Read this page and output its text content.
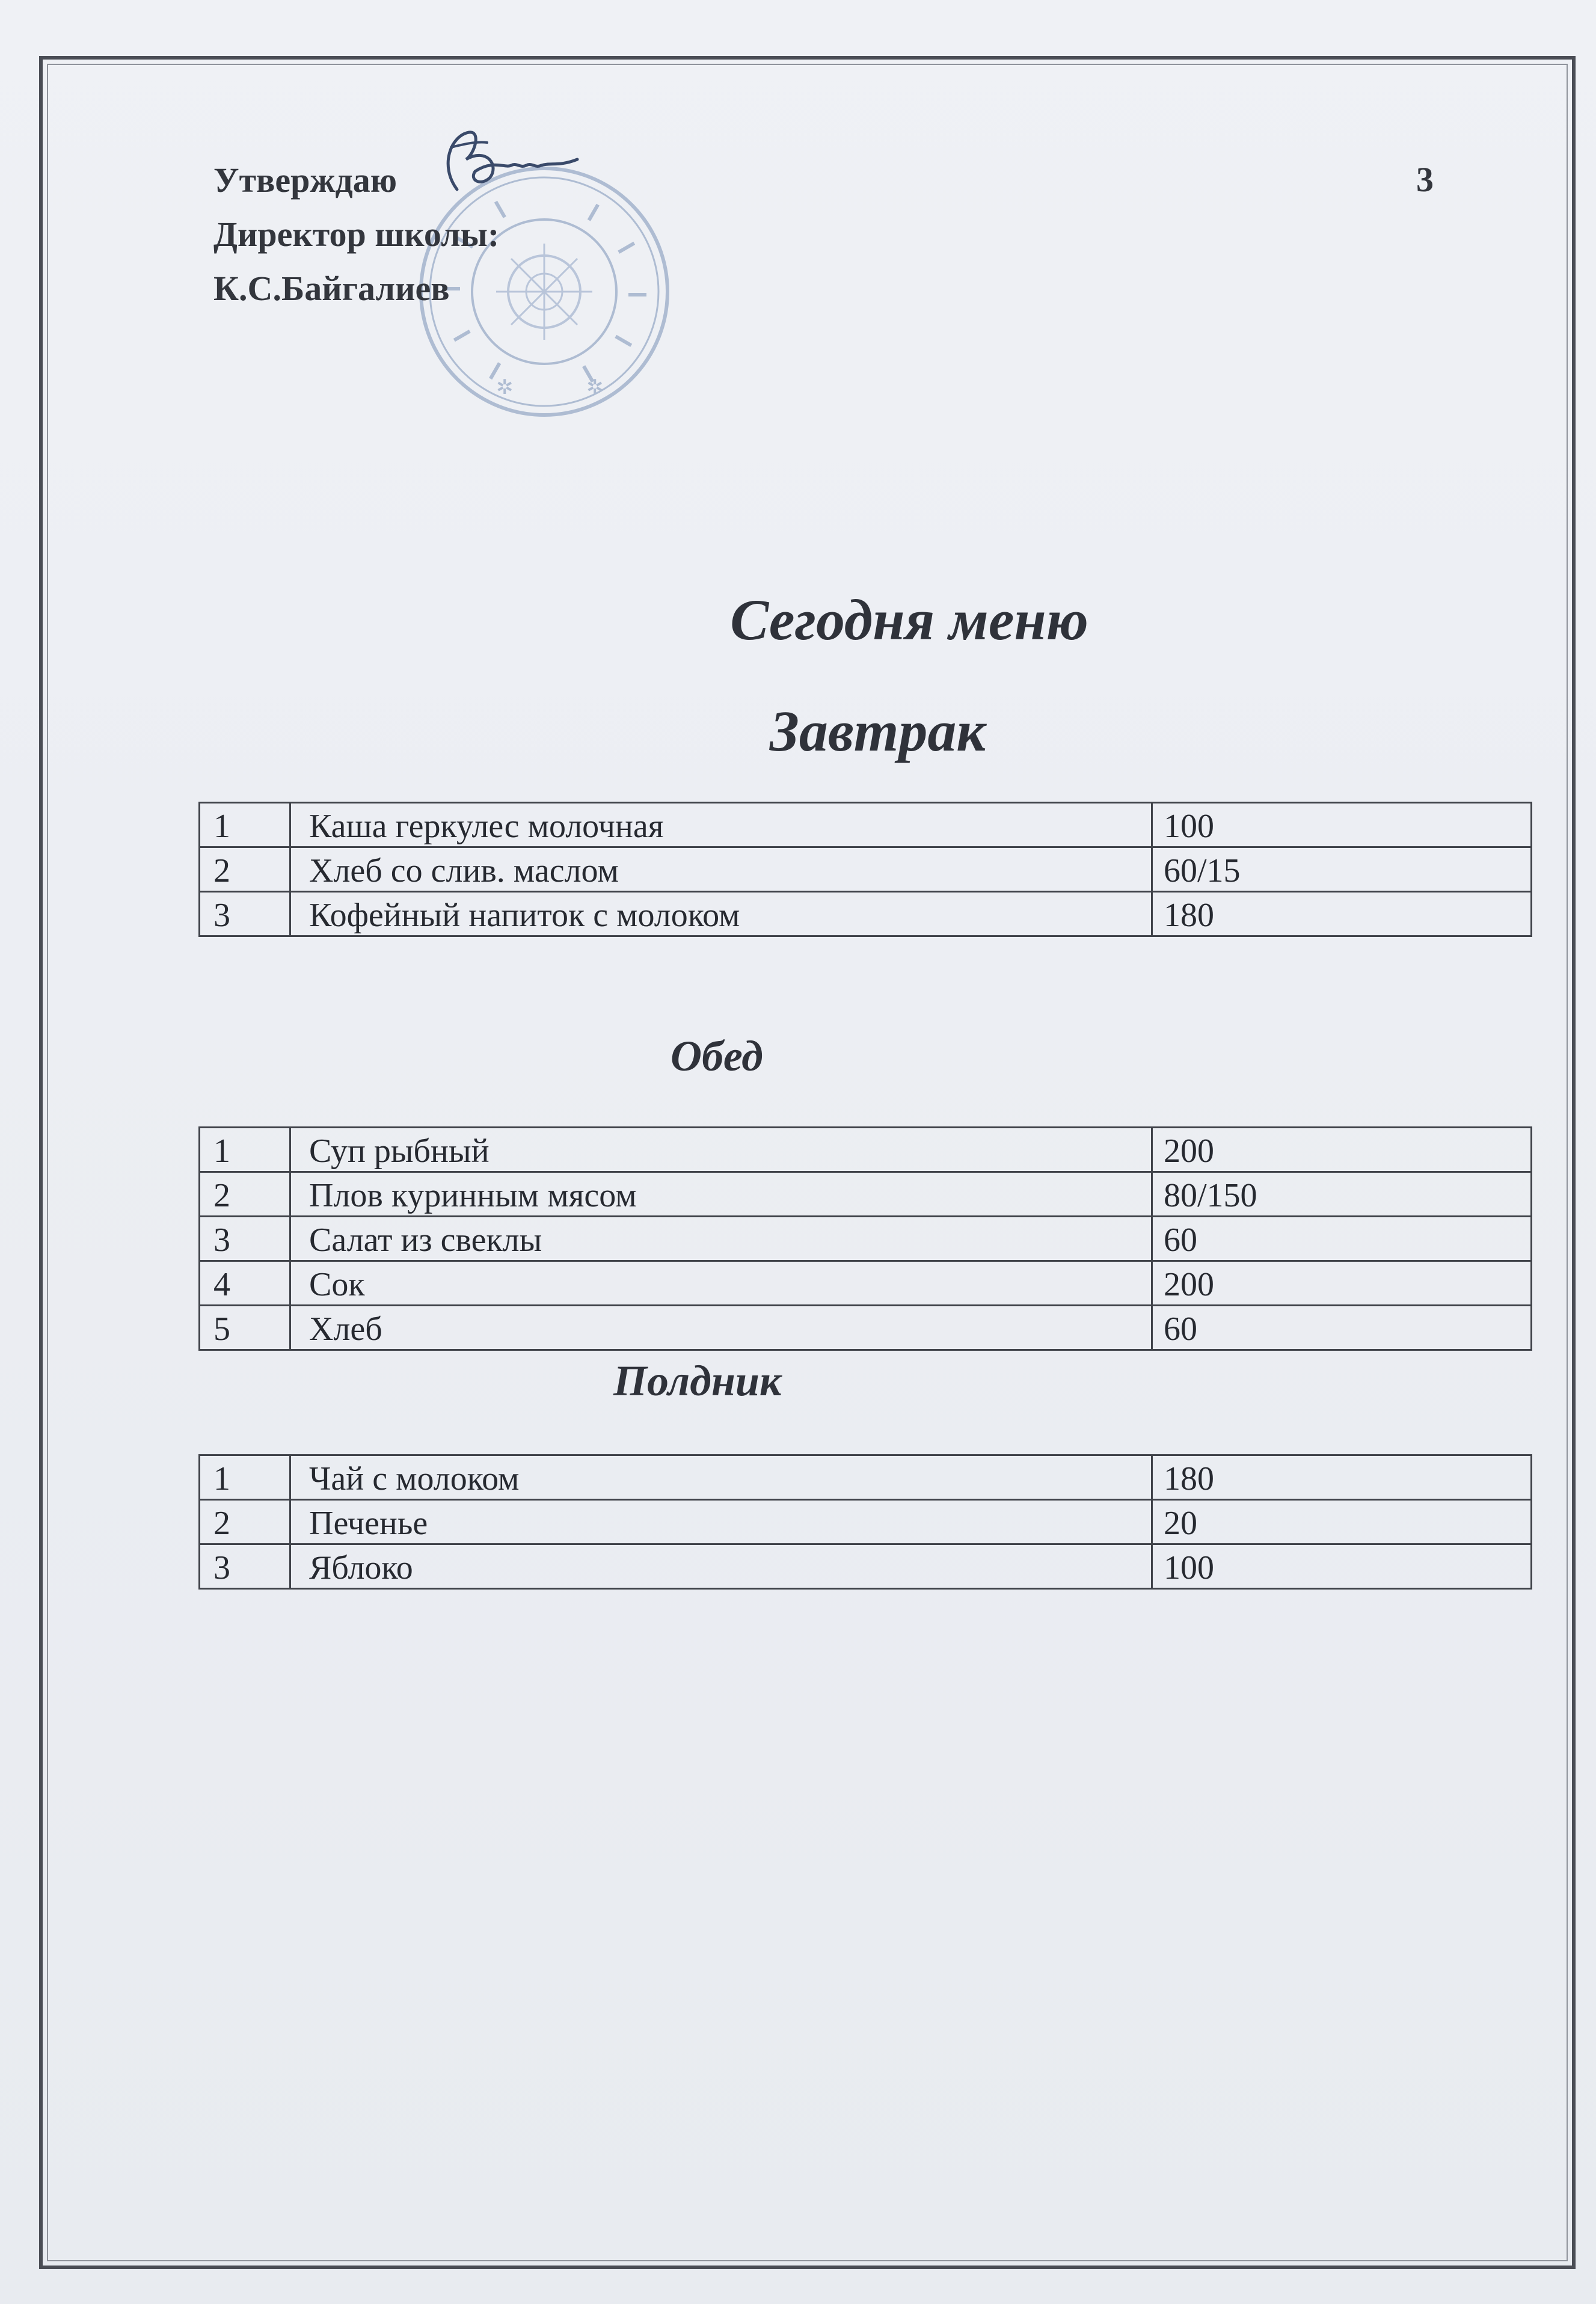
✲	✲
Утверждаю
Директор школы:
К.С.Байгалиев
3
Сегодня меню
Завтрак
1	Каша геркулес молочная	100
2	Хлеб со слив. маслом	60/15
3	Кофейный напиток с молоком	180
Обед
1	Суп рыбный	200
2	Плов куринным мясом	80/150
3	Салат из свеклы	60
4	Сок	200
5	Хлеб	60
Полдник
1	Чай с молоком	180
2	Печенье	20
3	Яблоко	100
